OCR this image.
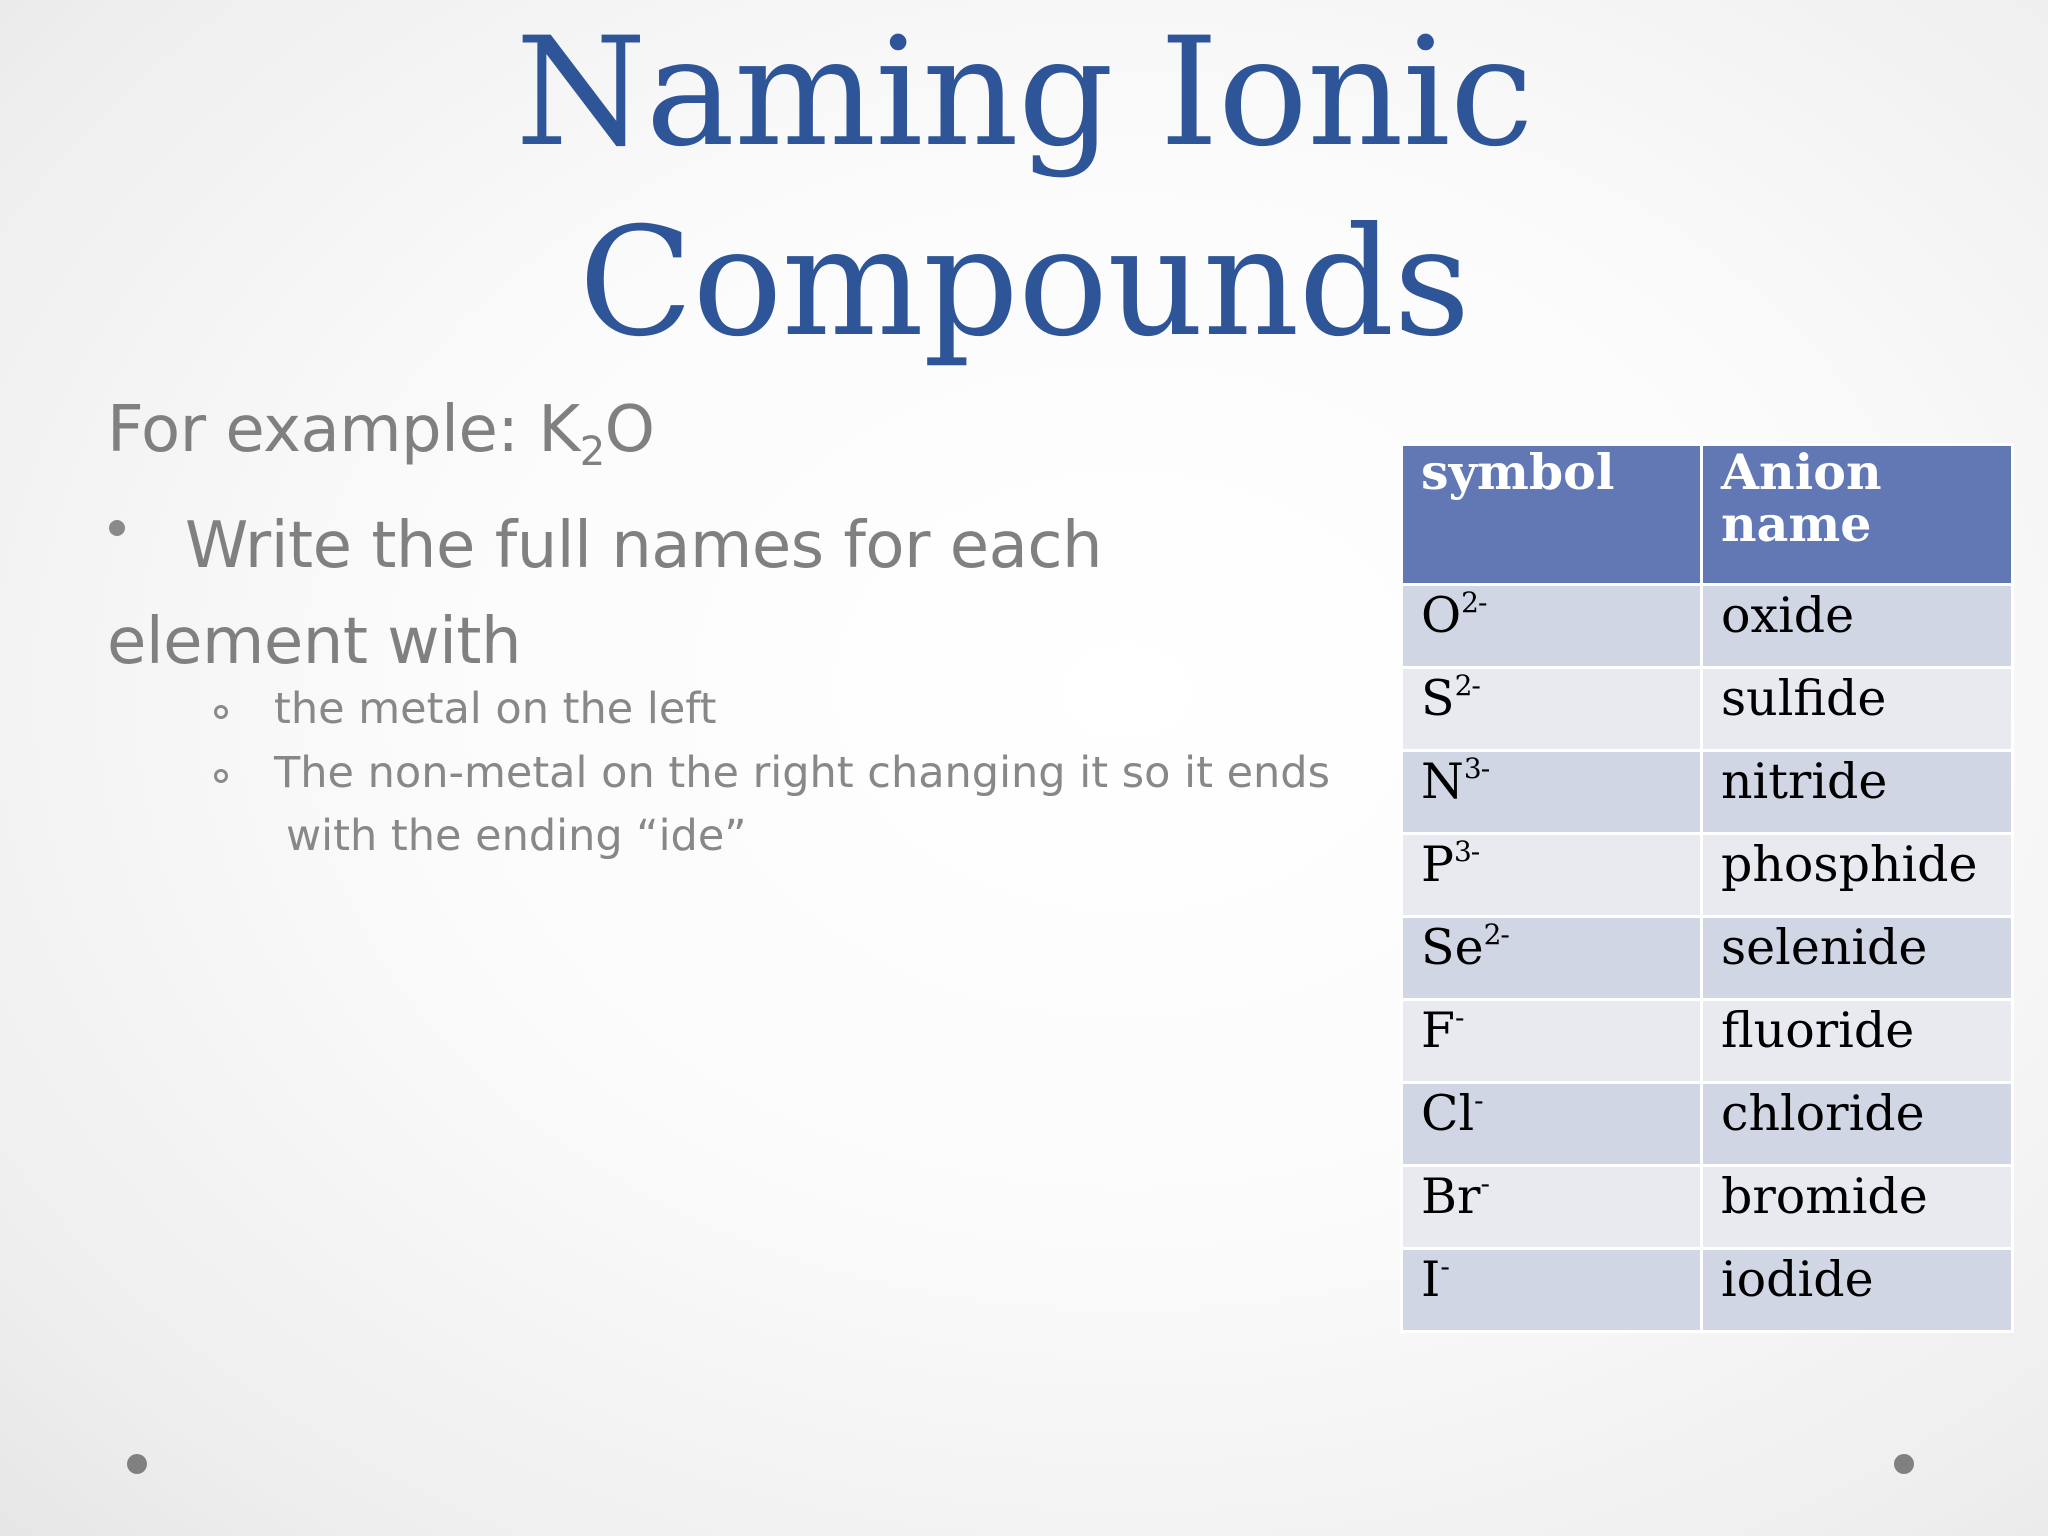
Naming Ionic
Compounds
For example: $K_2O$
Write the full names for each
element with
the metal on the left
The non-metal on the right changing it so it ends
with the ending “ide”
symbol	Anion name
$O^{2-}$	oxide
$S^{2-}$	sulfide
$N^{3-}$	nitride
$P^{3-}$	phosphide
$Se^{2-}$	selenide
F-	fluoride
Cl-	chloride
Br-	bromide
I-	iodide
